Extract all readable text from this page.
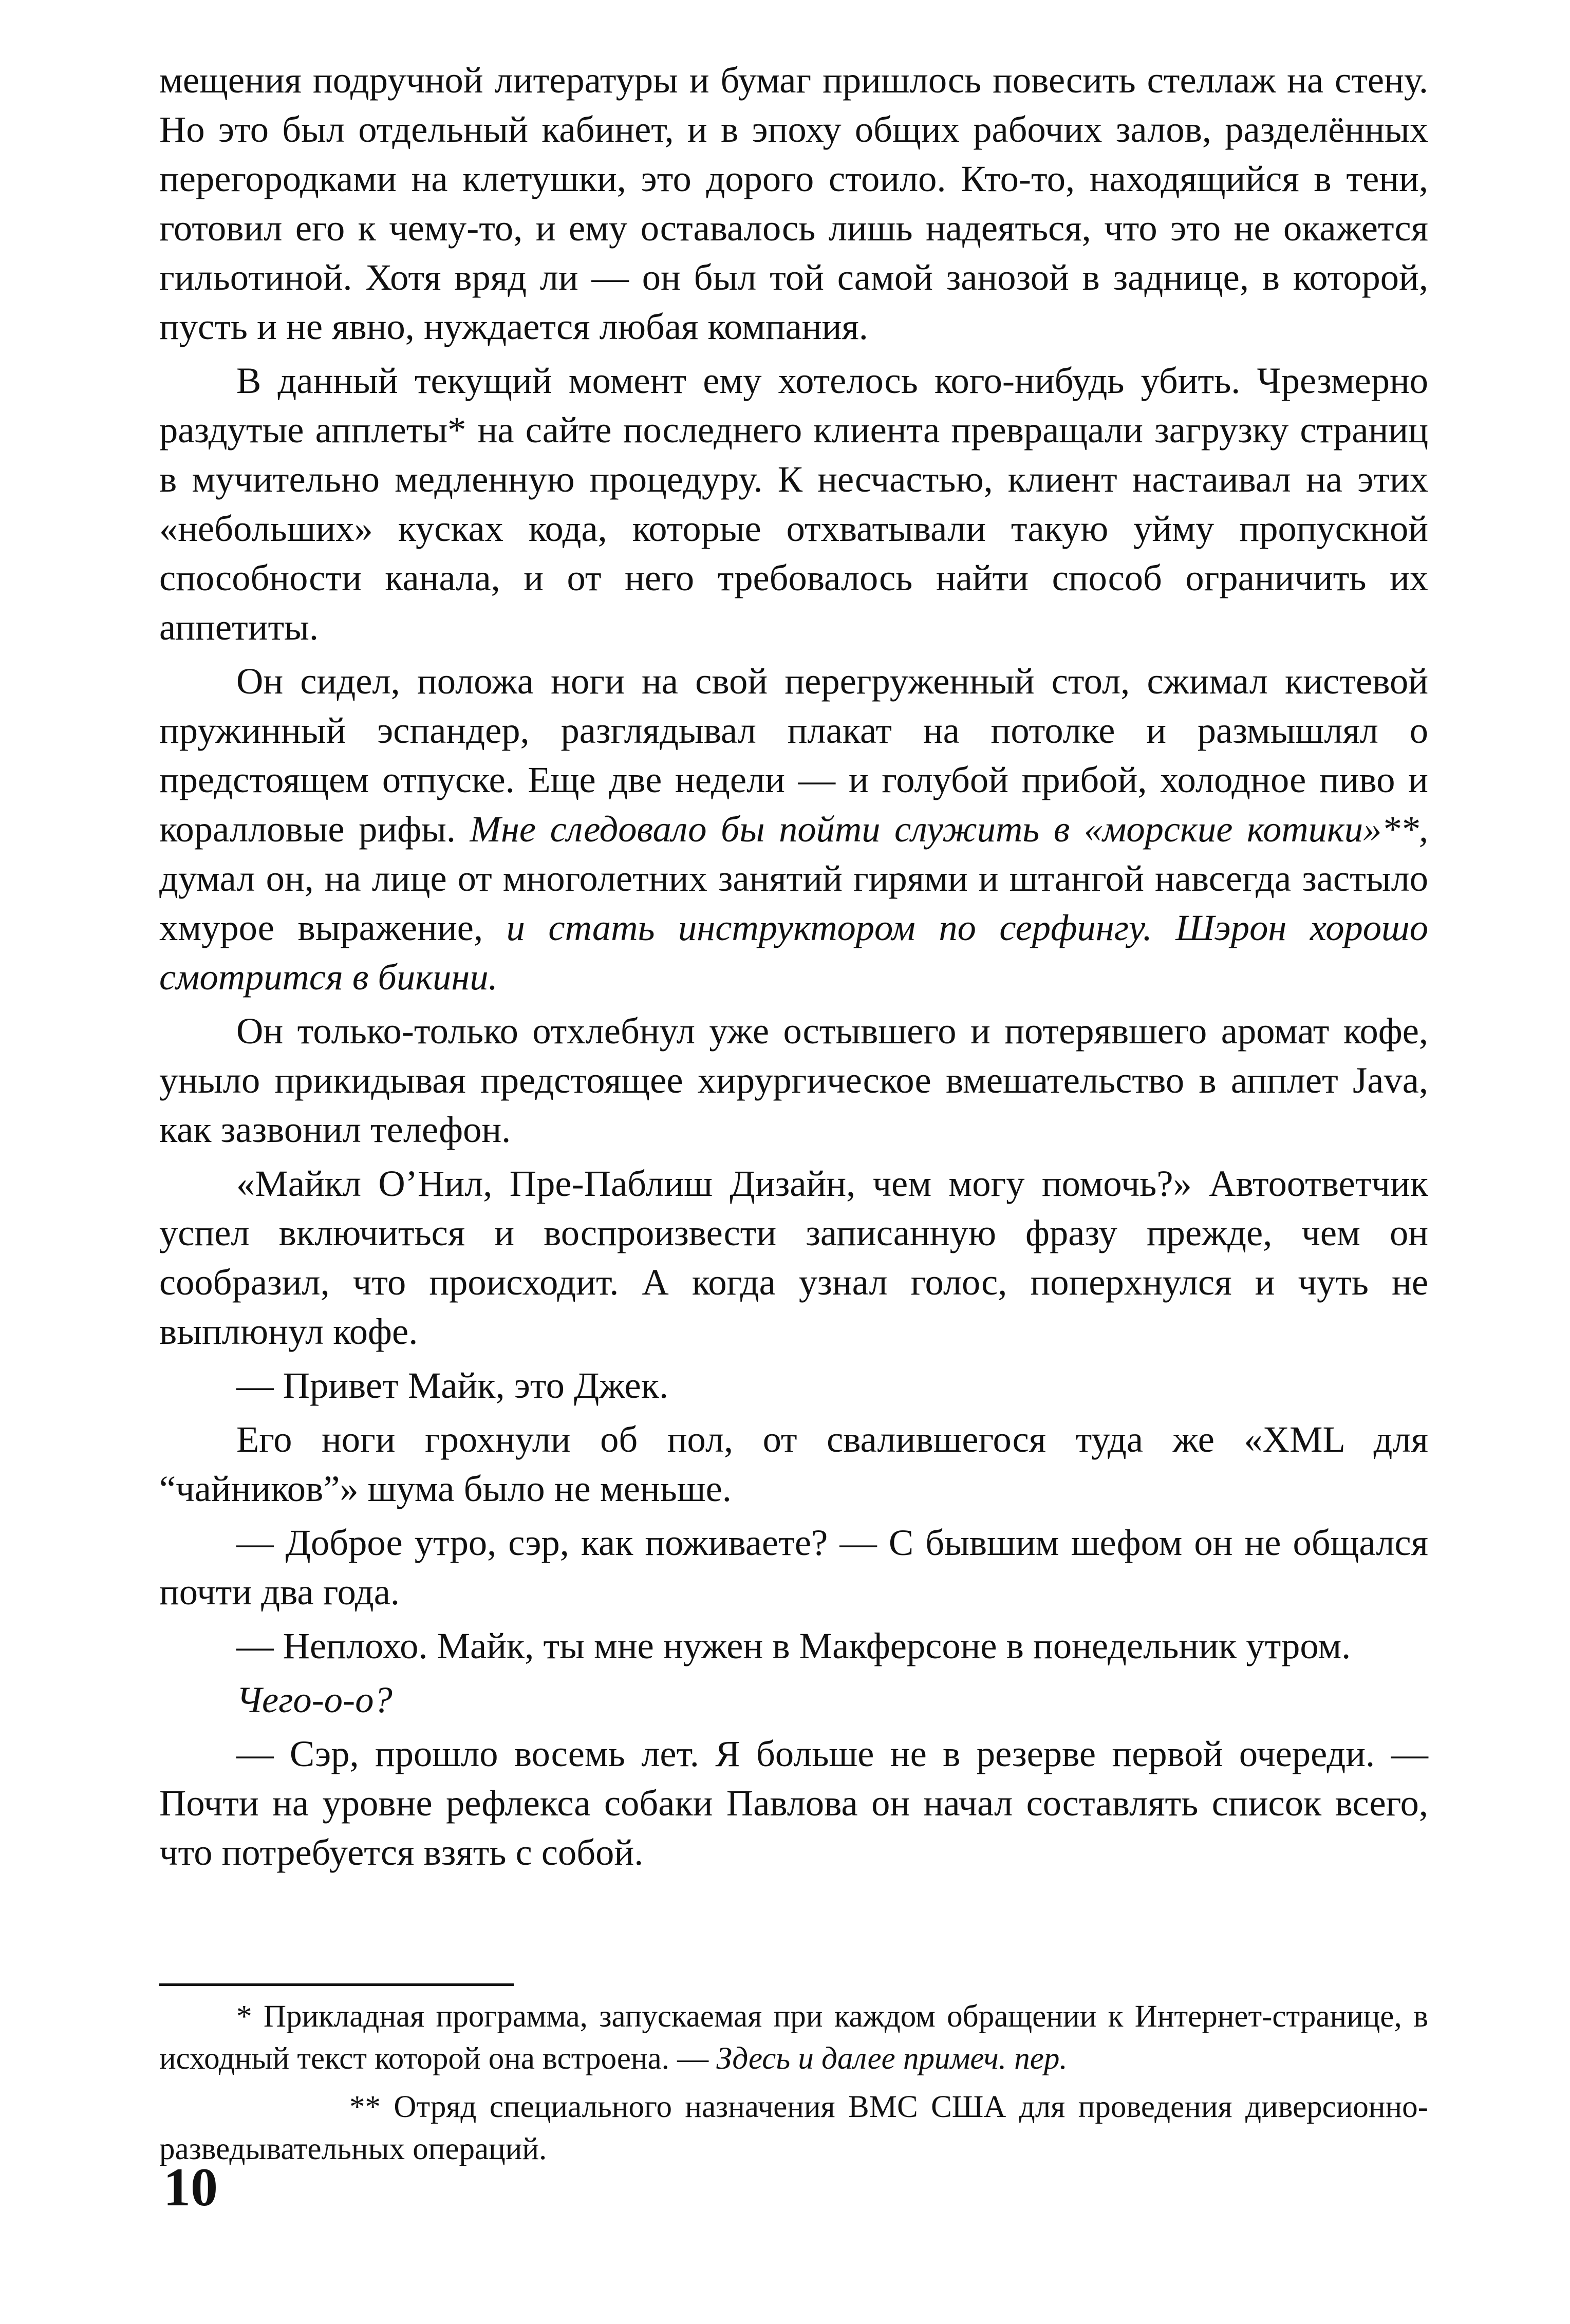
мещения подручной литературы и бумаг пришлось повесить стеллаж на стену. Но это был отдельный кабинет, и в эпоху общих рабочих залов, разделённых перегородками на клетушки, это дорого стоило. Кто-то, находящийся в тени, готовил его к чему-то, и ему оставалось лишь надеяться, что это не окажется гильотиной. Хотя вряд ли — он был той самой занозой в заднице, в которой, пусть и не явно, нуждается любая компания.

В данный текущий момент ему хотелось кого-нибудь убить. Чрезмерно раздутые апплеты* на сайте последнего клиента превращали загрузку страниц в мучительно медленную процедуру. К несчастью, клиент настаивал на этих «небольших» кусках кода, которые отхватывали такую уйму пропускной способности канала, и от него требовалось найти способ ограничить их аппетиты.

Он сидел, положа ноги на свой перегруженный стол, сжимал кистевой пружинный эспандер, разглядывал плакат на потолке и размышлял о предстоящем отпуске. Еще две недели — и голубой прибой, холодное пиво и коралловые рифы. Мне следовало бы пойти служить в «морские котики»**, думал он, на лице от многолетних занятий гирями и штангой навсегда застыло хмурое выражение, и стать инструктором по серфингу. Шэрон хорошо смотрится в бикини.

Он только-только отхлебнул уже остывшего и потерявшего аромат кофе, уныло прикидывая предстоящее хирургическое вмешательство в апплет Java, как зазвонил телефон.

«Майкл О’Нил, Пре-Паблиш Дизайн, чем могу помочь?» Автоответчик успел включиться и воспроизвести записанную фразу прежде, чем он сообразил, что происходит. А когда узнал голос, поперхнулся и чуть не выплюнул кофе.

— Привет Майк, это Джек.

Его ноги грохнули об пол, от свалившегося туда же «XML для “чайников”» шума было не меньше.

— Доброе утро, сэр, как поживаете? — С бывшим шефом он не общался почти два года.

— Неплохо. Майк, ты мне нужен в Макферсоне в понедельник утром.

Чего-о-о?

— Сэр, прошло восемь лет. Я больше не в резерве первой очереди. — Почти на уровне рефлекса собаки Павлова он начал составлять список всего, что потребуется взять с собой.

* Прикладная программа, запускаемая при каждом обращении к Интернет-странице, в исходный текст которой она встроена. — Здесь и далее примеч. пер.

** Отряд специального назначения ВМС США для проведения диверсионно-разведывательных операций.

10
